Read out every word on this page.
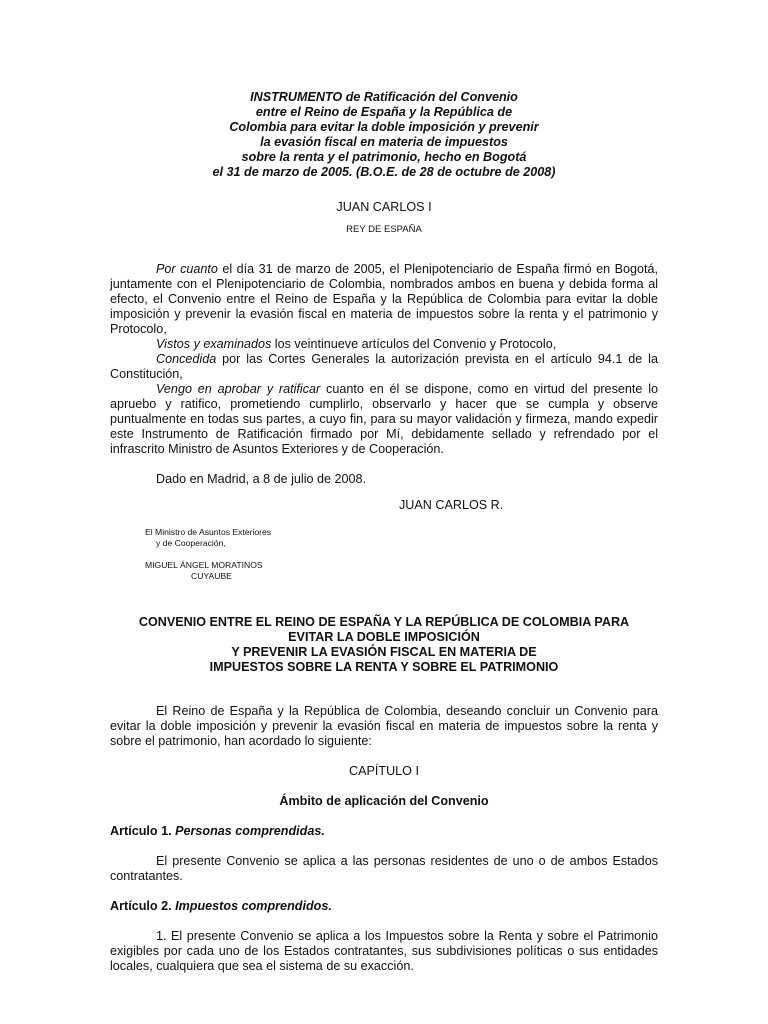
INSTRUMENTO de Ratificación del Convenio
entre el Reino de España y la República de
Colombia para evitar la doble imposición y prevenir
la evasión fiscal en materia de impuestos
sobre la renta y el patrimonio, hecho en Bogotá
el 31 de marzo de 2005. (B.O.E. de 28 de octubre de 2008)
JUAN CARLOS I
REY DE ESPAÑA

Por cuanto el día 31 de marzo de 2005, el Plenipotenciario de España firmó en Bogotá, juntamente con el Plenipotenciario de Colombia, nombrados ambos en buena y debida forma al efecto, el Convenio entre el Reino de España y la República de Colombia para evitar la doble imposición y prevenir la evasión fiscal en materia de impuestos sobre la renta y el patrimonio y Protocolo,

Vistos y examinados los veintinueve artículos del Convenio y Protocolo,

Concedida por las Cortes Generales la autorización prevista en el artículo 94.1 de la Constitución,

Vengo en aprobar y ratificar cuanto en él se dispone, como en virtud del presente lo apruebo y ratifico, prometiendo cumplirlo, observarlo y hacer que se cumpla y observe puntualmente en todas sus partes, a cuyo fin, para su mayor validación y firmeza, mando expedir este Instrumento de Ratificación firmado por Mí, debidamente sellado y refrendado por el infrascrito Ministro de Asuntos Exteriores y de Cooperación.

Dado en Madrid, a 8 de julio de 2008.

JUAN CARLOS R.

El Ministro de Asuntos Exteriores
y de Cooperación,
MIGUEL ÁNGEL MORATINOS
CUYAUBE
CONVENIO ENTRE EL REINO DE ESPAÑA Y LA REPÚBLICA DE COLOMBIA PARA
EVITAR LA DOBLE IMPOSICIÓN
Y PREVENIR LA EVASIÓN FISCAL EN MATERIA DE
IMPUESTOS SOBRE LA RENTA Y SOBRE EL PATRIMONIO

El Reino de España y la República de Colombia, deseando concluir un Convenio para evitar la doble imposición y prevenir la evasión fiscal en materia de impuestos sobre la renta y sobre el patrimonio, han acordado lo siguiente:

CAPÍTULO I
Ámbito de aplicación del Convenio

Artículo 1. Personas comprendidas.

El presente Convenio se aplica a las personas residentes de uno o de ambos Estados contratantes.

Artículo 2. Impuestos comprendidos.

1. El presente Convenio se aplica a los Impuestos sobre la Renta y sobre el Patrimonio exigibles por cada uno de los Estados contratantes, sus subdivisiones políticas o sus entidades locales, cualquiera que sea el sistema de su exacción.
